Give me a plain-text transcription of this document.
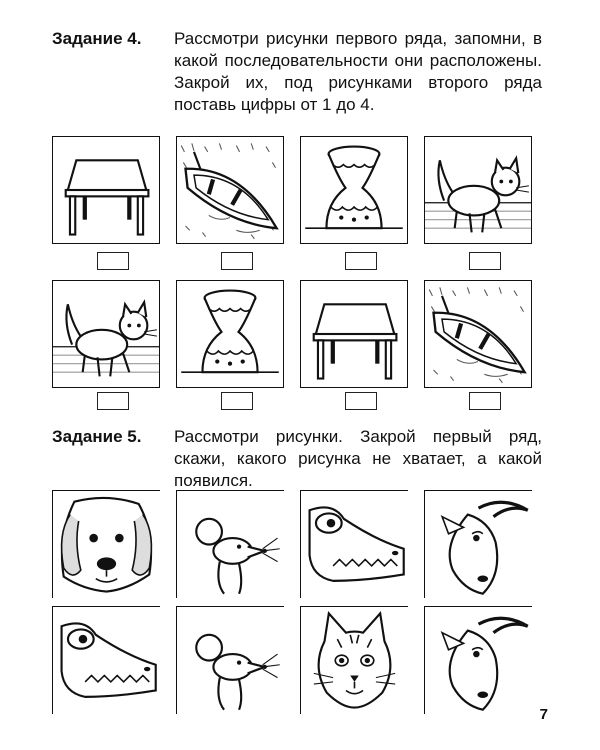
Задание 4.	Рассмотри рисунки первого ряда, запомни, в какой последовательности они расположены. Закрой их, под рисунками второго ряда поставь цифры от 1 до 4.
Задание 5.	Рассмотри рисунки. Закрой первый ряд, скажи, какого рисунка не хватает, а какой появился.
7
